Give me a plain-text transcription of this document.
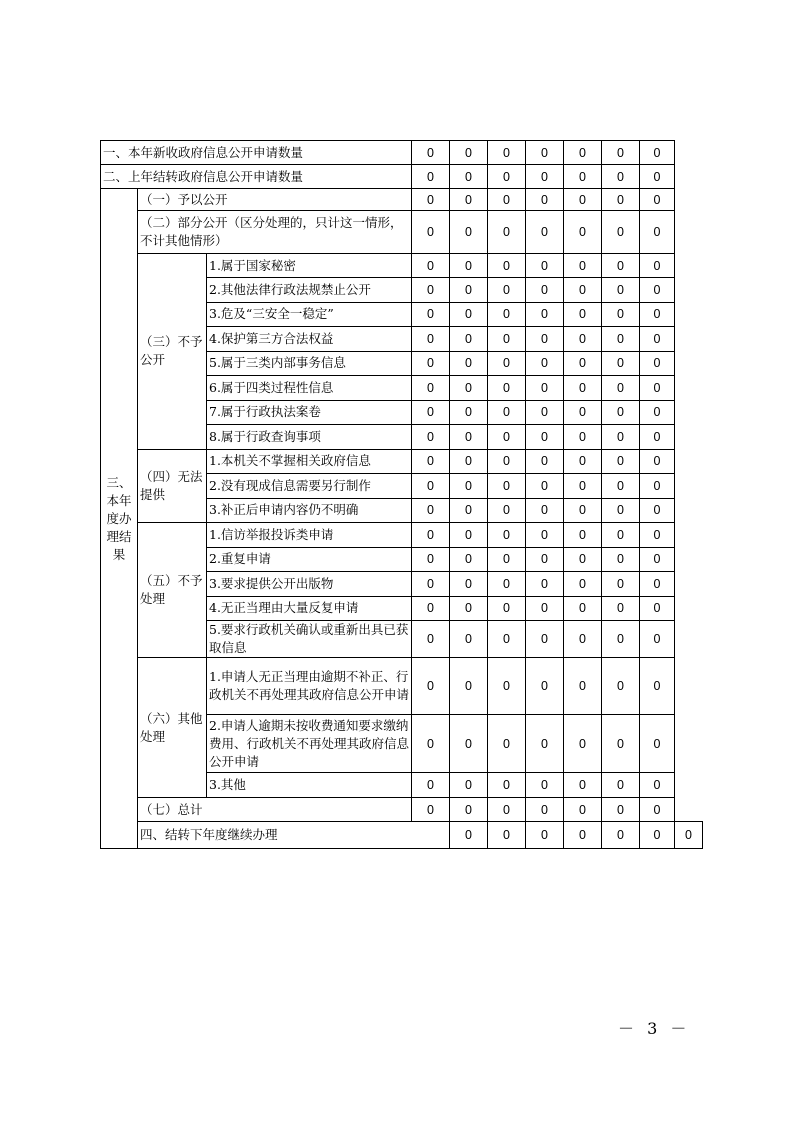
一、本年新收政府信息公开申请数量			0	0	0	0	0	0	0	
二、上年结转政府信息公开申请数量			0	0	0	0	0	0	0	
三、本年度办理结果	（一）予以公开		0	0	0	0	0	0	0	
	（二）部分公开（区分处理的，只计这一情形，不计其他情形）		0	0	0	0	0	0	0	
	（三）不予公开	1.属于国家秘密	0	0	0	0	0	0	0	
		2.其他法律行政法规禁止公开	0	0	0	0	0	0	0	
		3.危及“三安全一稳定”	0	0	0	0	0	0	0	
		4.保护第三方合法权益	0	0	0	0	0	0	0	
		5.属于三类内部事务信息	0	0	0	0	0	0	0	
		6.属于四类过程性信息	0	0	0	0	0	0	0	
		7.属于行政执法案卷	0	0	0	0	0	0	0	
		8.属于行政查询事项	0	0	0	0	0	0	0	
	（四）无法提供	1.本机关不掌握相关政府信息	0	0	0	0	0	0	0	
		2.没有现成信息需要另行制作	0	0	0	0	0	0	0	
		3.补正后申请内容仍不明确	0	0	0	0	0	0	0	
	（五）不予处理	1.信访举报投诉类申请	0	0	0	0	0	0	0	
		2.重复申请	0	0	0	0	0	0	0	
		3.要求提供公开出版物	0	0	0	0	0	0	0	
		4.无正当理由大量反复申请	0	0	0	0	0	0	0	
		5.要求行政机关确认或重新出具已获取信息	0	0	0	0	0	0	0	
	（六）其他处理	1.申请人无正当理由逾期不补正、行政机关不再处理其政府信息公开申请	0	0	0	0	0	0	0	
		2.申请人逾期未按收费通知要求缴纳费用、行政机关不再处理其政府信息公开申请	0	0	0	0	0	0	0	
		3.其他	0	0	0	0	0	0	0	
	（七）总计		0	0	0	0	0	0	0	
	四、结转下年度继续办理			0	0	0	0	0	0	0
－ 3 －
